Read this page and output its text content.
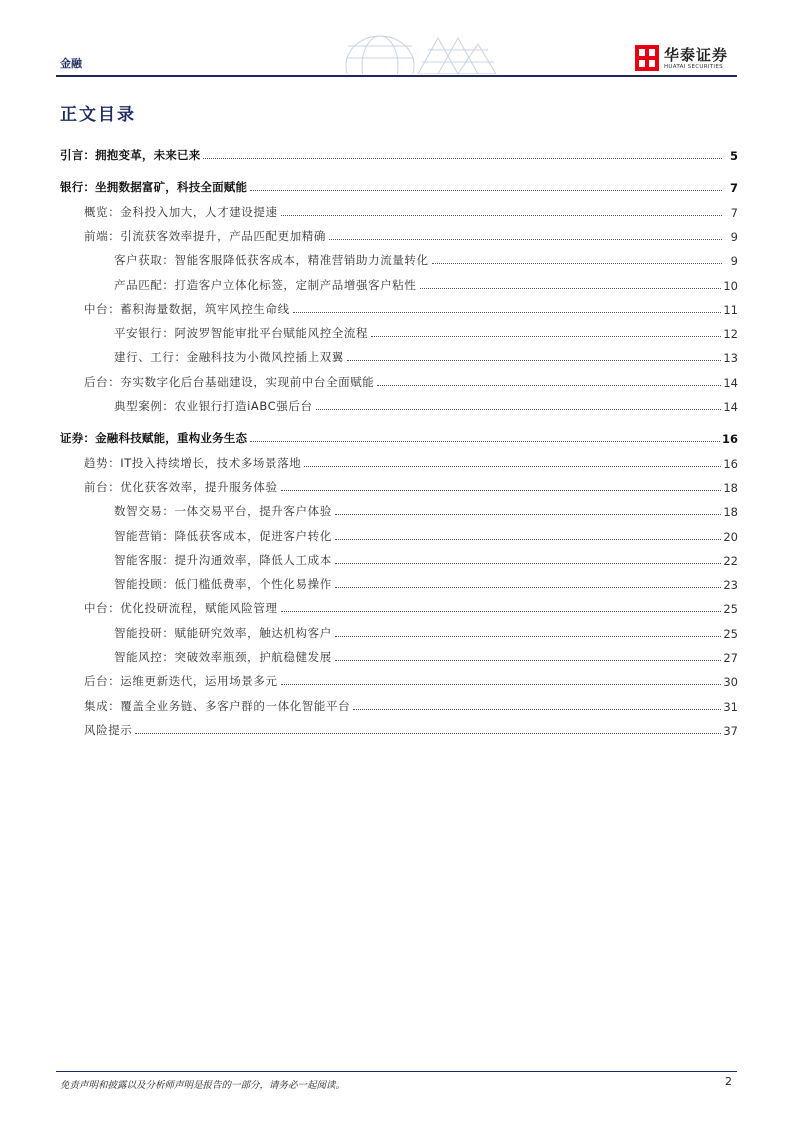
金融	华泰证券
HUATAI SECURITIES
正文目录
引言：拥抱变革，未来已来	5
银行：坐拥数据富矿，科技全面赋能	7
概览：金科投入加大，人才建设提速	7
前端：引流获客效率提升，产品匹配更加精确	9
客户获取：智能客服降低获客成本，精准营销助力流量转化	9
产品匹配：打造客户立体化标签，定制产品增强客户粘性	10
中台：蓄积海量数据，筑牢风控生命线	11
平安银行：阿波罗智能审批平台赋能风控全流程	12
建行、工行：金融科技为小微风控插上双翼	13
后台：夯实数字化后台基础建设，实现前中台全面赋能	14
典型案例：农业银行打造iABC强后台	14
证券：金融科技赋能，重构业务生态	16
趋势：IT投入持续增长，技术多场景落地	16
前台：优化获客效率，提升服务体验	18
数智交易：一体交易平台，提升客户体验	18
智能营销：降低获客成本，促进客户转化	20
智能客服：提升沟通效率，降低人工成本	22
智能投顾：低门槛低费率，个性化易操作	23
中台：优化投研流程，赋能风险管理	25
智能投研：赋能研究效率，触达机构客户	25
智能风控：突破效率瓶颈，护航稳健发展	27
后台：运维更新迭代，运用场景多元	30
集成：覆盖全业务链、多客户群的一体化智能平台	31
风险提示	37
免责声明和披露以及分析师声明是报告的一部分，请务必一起阅读。	2
